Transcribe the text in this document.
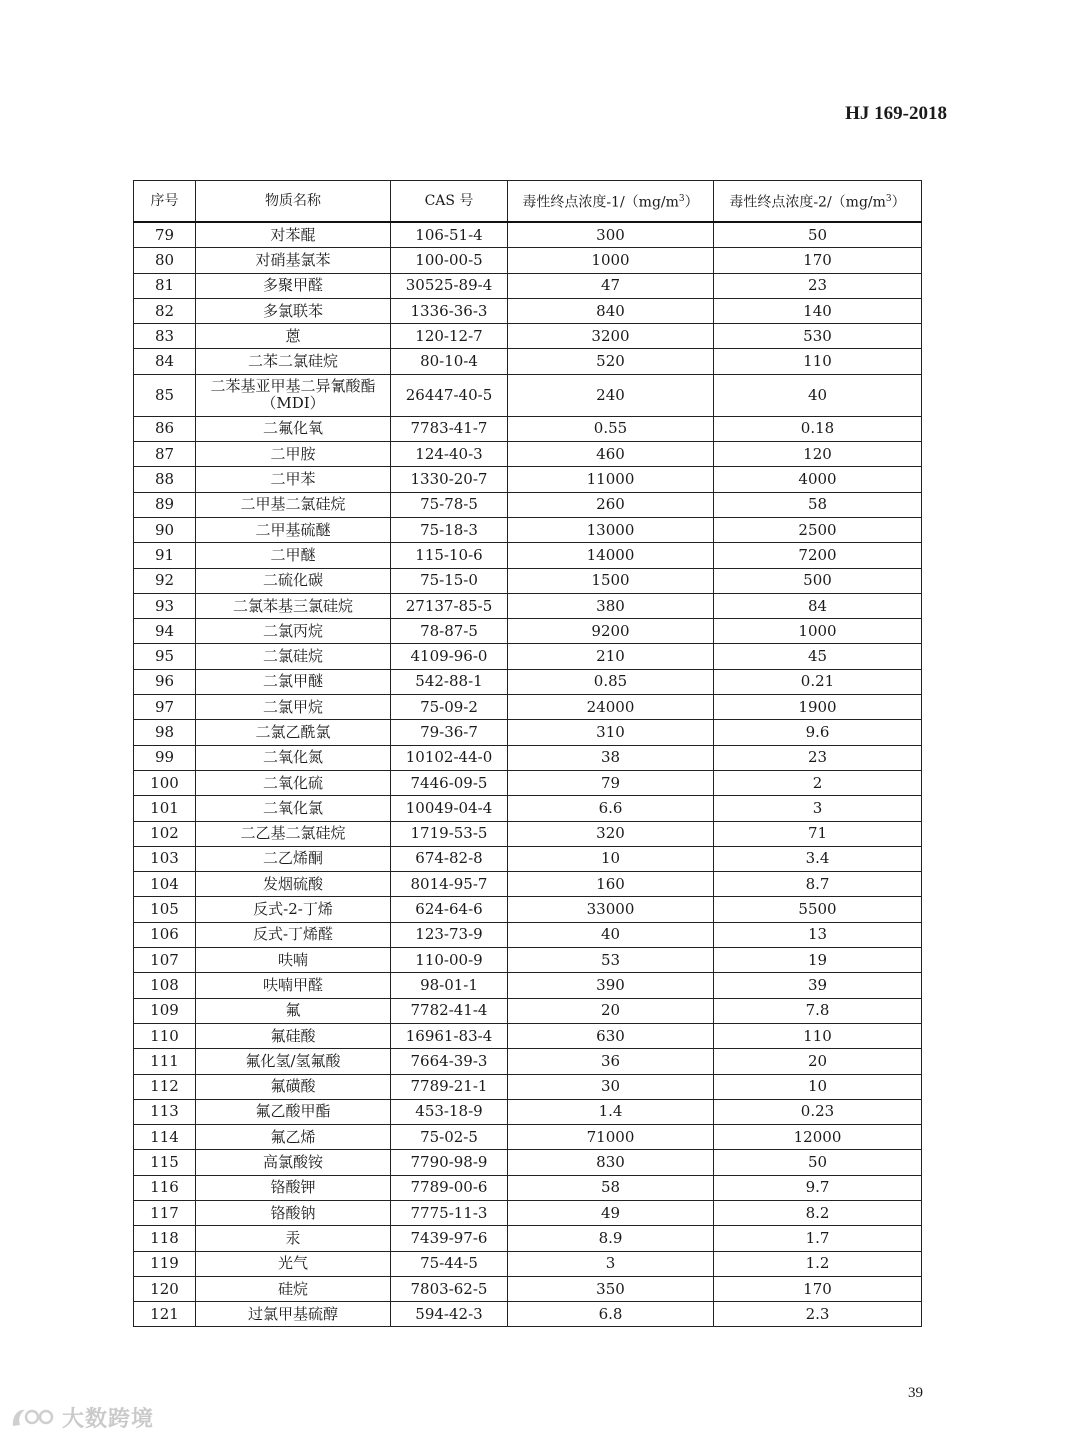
HJ 169-2018
序号	物质名称	CAS 号	毒性终点浓度$-1/(mg/m^3)$	毒性终点浓度$-2/(mg/m^3)$
79	对苯醌	106-51-4	300	50
80	对硝基氯苯	100-00-5	1000	170
81	多聚甲醛	30525-89-4	47	23
82	多氯联苯	1336-36-3	840	140
83	蒽	120-12-7	3200	530
84	二苯二氯硅烷	80-10-4	520	110
85	二苯基亚甲基二异氰酸酯（MDI）	26447-40-5	240	40
86	二氟化氧	7783-41-7	0.55	0.18
87	二甲胺	124-40-3	460	120
88	二甲苯	1330-20-7	11000	4000
89	二甲基二氯硅烷	75-78-5	260	58
90	二甲基硫醚	75-18-3	13000	2500
91	二甲醚	115-10-6	14000	7200
92	二硫化碳	75-15-0	1500	500
93	二氯苯基三氯硅烷	27137-85-5	380	84
94	二氯丙烷	78-87-5	9200	1000
95	二氯硅烷	4109-96-0	210	45
96	二氯甲醚	542-88-1	0.85	0.21
97	二氯甲烷	75-09-2	24000	1900
98	二氯乙酰氯	79-36-7	310	9.6
99	二氧化氮	10102-44-0	38	23
100	二氧化硫	7446-09-5	79	2
101	二氧化氯	10049-04-4	6.6	3
102	二乙基二氯硅烷	1719-53-5	320	71
103	二乙烯酮	674-82-8	10	3.4
104	发烟硫酸	8014-95-7	160	8.7
105	反式-2-丁烯	624-64-6	33000	5500
106	反式-丁烯醛	123-73-9	40	13
107	呋喃	110-00-9	53	19
108	呋喃甲醛	98-01-1	390	39
109	氟	7782-41-4	20	7.8
110	氟硅酸	16961-83-4	630	110
111	氟化氢/氢氟酸	7664-39-3	36	20
112	氟磺酸	7789-21-1	30	10
113	氟乙酸甲酯	453-18-9	1.4	0.23
114	氟乙烯	75-02-5	71000	12000
115	高氯酸铵	7790-98-9	830	50
116	铬酸钾	7789-00-6	58	9.7
117	铬酸钠	7775-11-3	49	8.2
118	汞	7439-97-6	8.9	1.7
119	光气	75-44-5	3	1.2
120	硅烷	7803-62-5	350	170
121	过氯甲基硫醇	594-42-3	6.8	2.3
39
大数跨境
